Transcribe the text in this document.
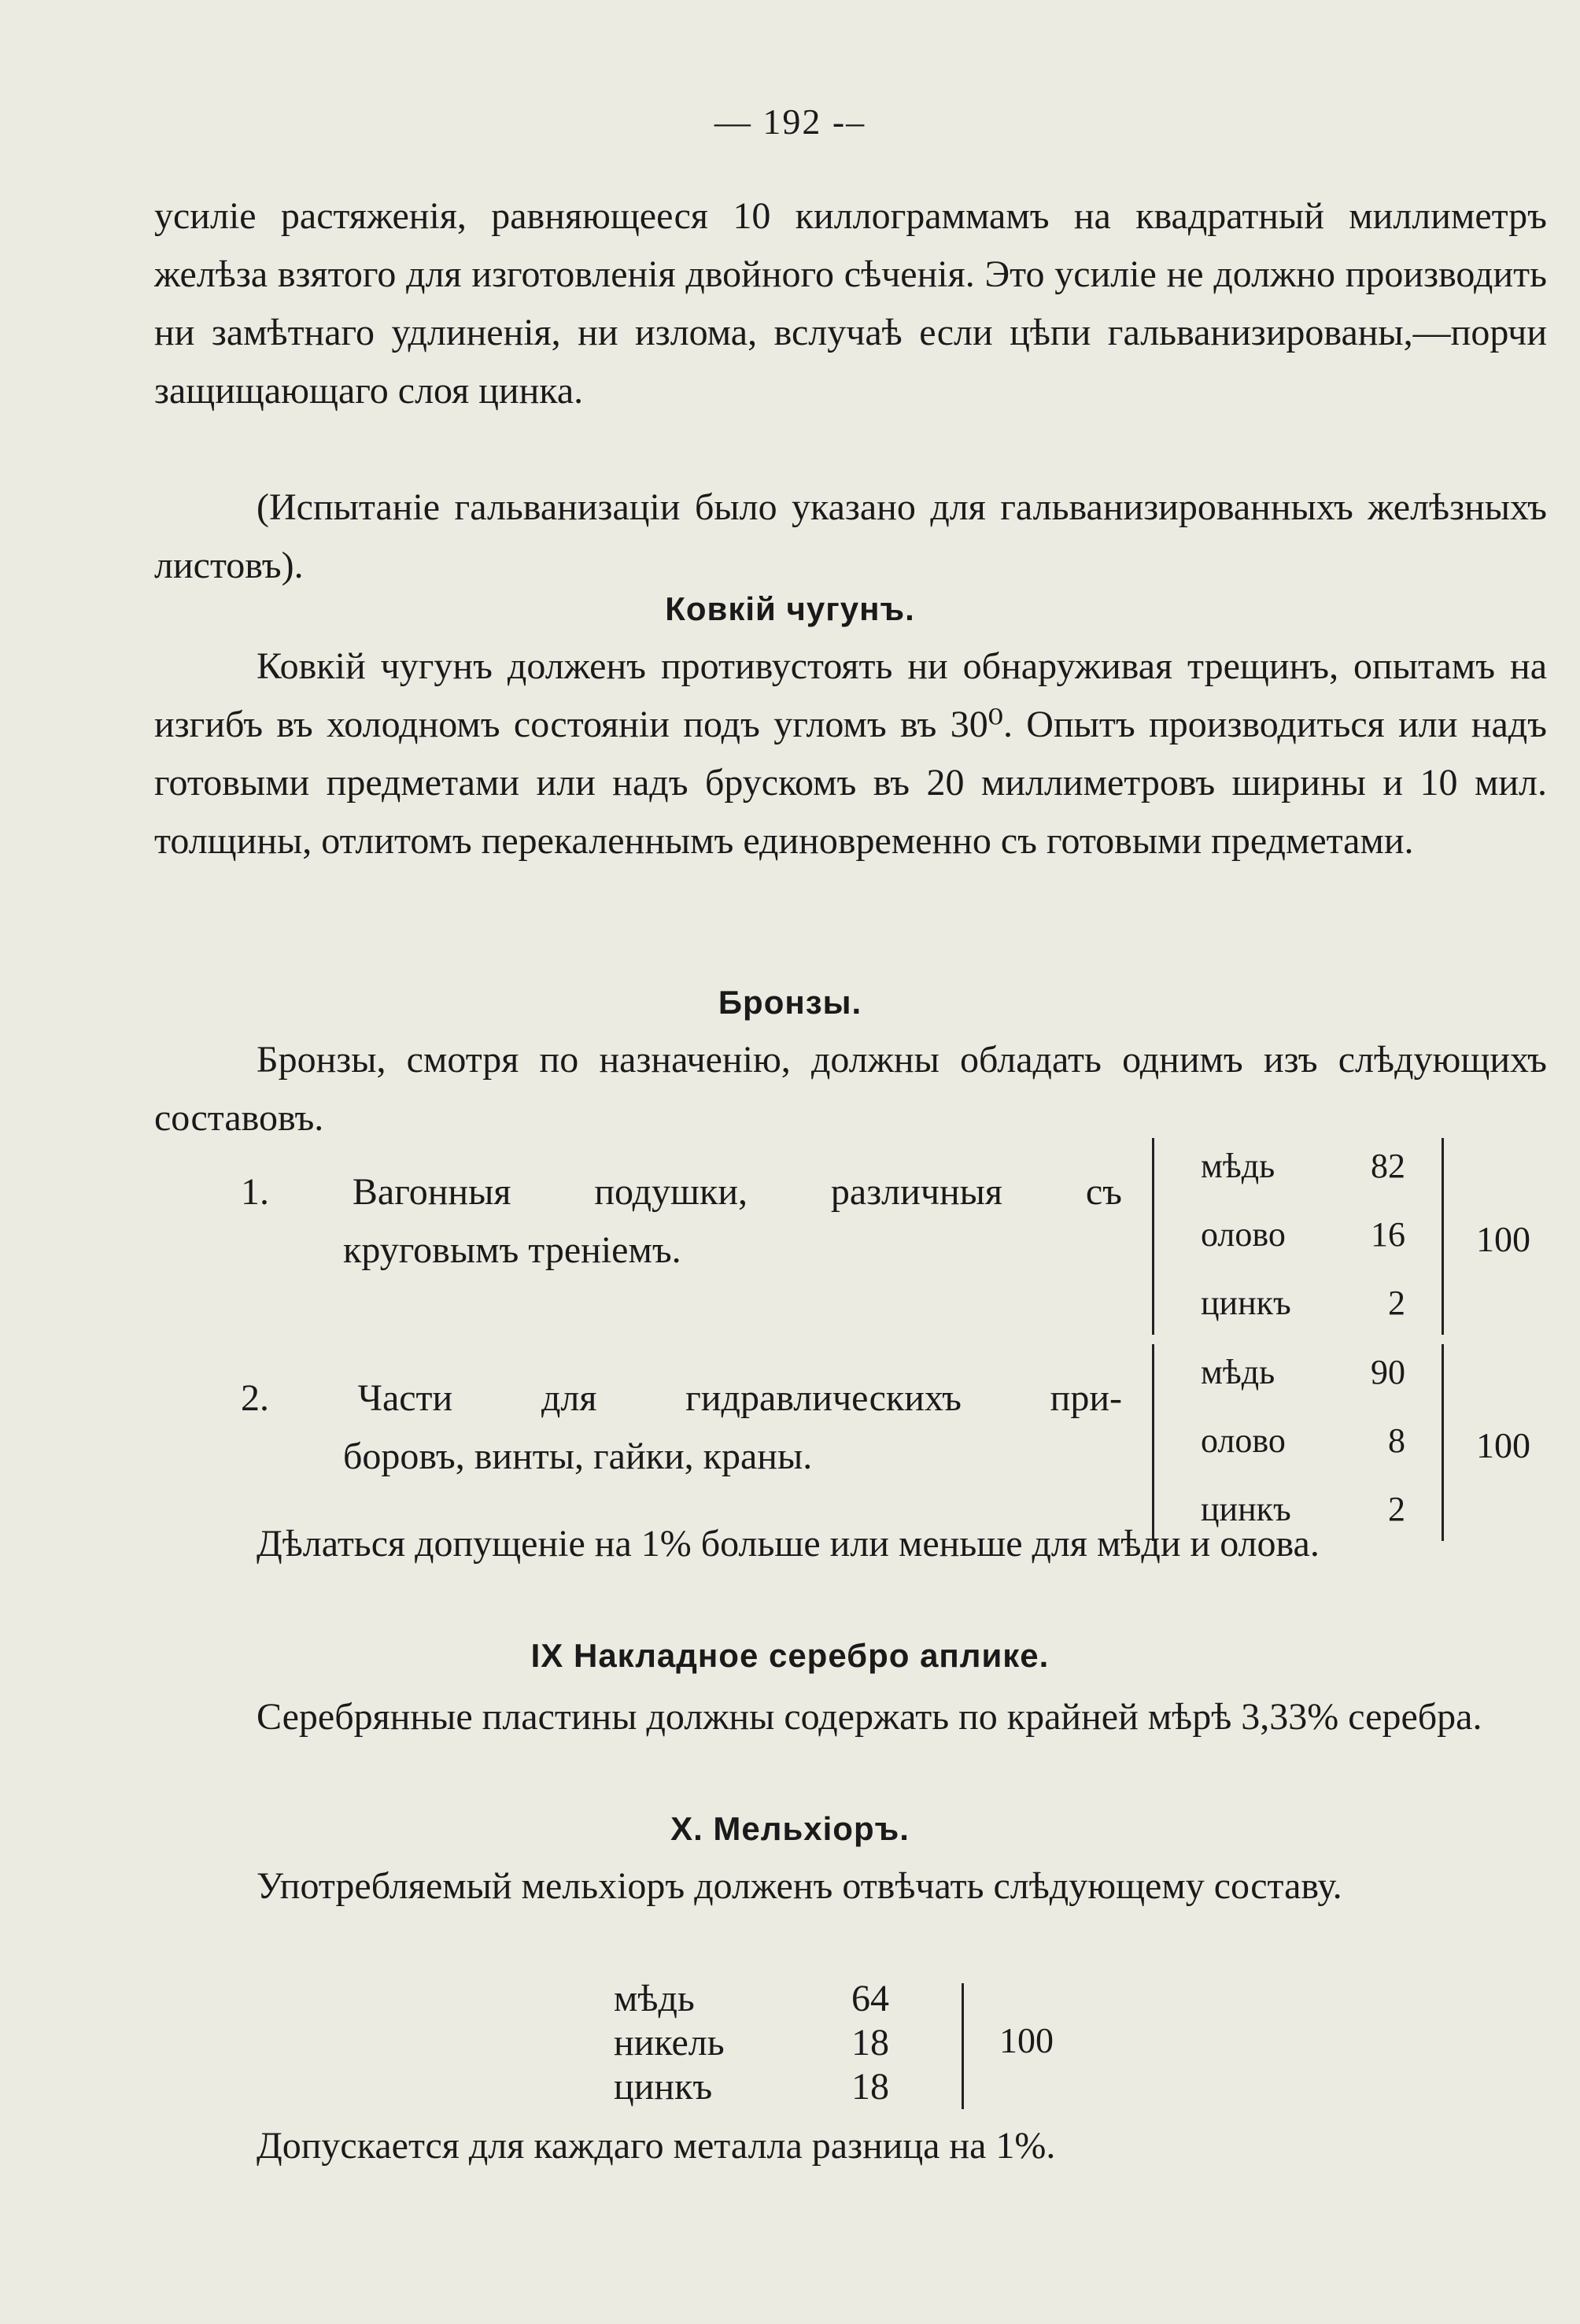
— 192 -–

усиліе растяженія, равняющееся 10 киллограммамъ на квадратный миллиметръ желѣза взятого для изготовленія двойного сѣченія. Это усиліе не должно производить ни замѣтнаго удлиненія, ни излома, вслучаѣ если цѣпи гальванизированы,—порчи защищающаго слоя цинка.

(Испытаніе гальванизаціи было указано для гальванизированныхъ желѣзныхъ листовъ).

Ковкій чугунъ.

Ковкій чугунъ долженъ противустоять ни обнаруживая трещинъ, опытамъ на изгибъ въ холодномъ состояніи подъ угломъ въ 30⁰. Опытъ производиться или надъ готовыми предметами или надъ брускомъ въ 20 миллиметровъ ширины и 10 мил. толщины, отлитомъ перекаленнымъ единовременно съ готовыми предметами.

Бронзы.

Бронзы, смотря по назначенію, должны обладать однимъ изъ слѣдующихъ составовъ.

1. Вагонныя подушки, различныя съ
круговымъ треніемъ.
мѣдь	82
олово 16
цинкъ	2
100
2. Части для гидравлическихъ при-
боровъ, винты, гайки, краны.
мѣдь	90
олово	8
цинкъ	2
100

Дѣлаться допущеніе на 1% больше или меньше для мѣди и олова.

IX Накладное серебро аплике.

Серебрянные пластины должны содержать по крайней мѣрѣ 3,33% серебра.

X. Мельхіоръ.

Употребляемый мельхіоръ долженъ отвѣчать слѣдующему составу.

мѣдь	64
никель	18
цинкъ	18
100

Допускается для каждаго металла разница на 1%.
